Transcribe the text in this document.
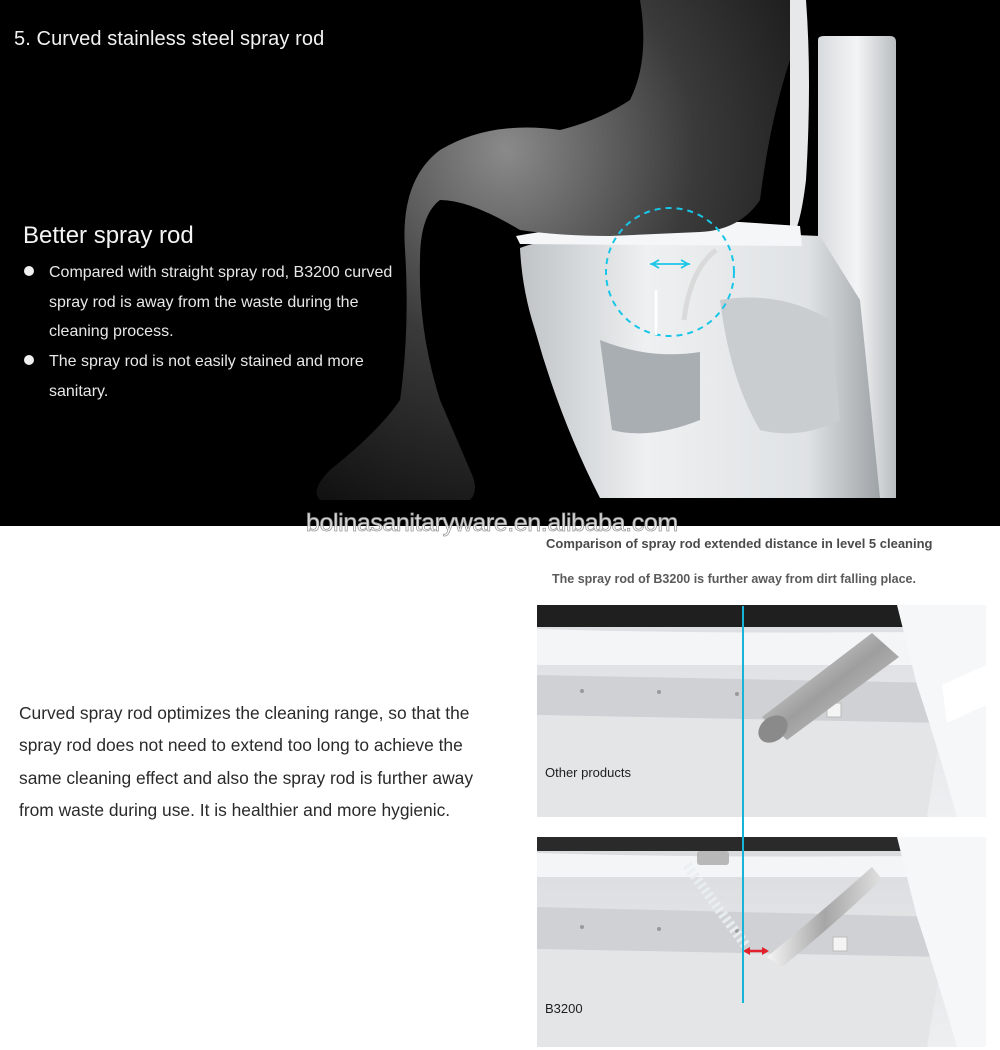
5. Curved stainless steel spray rod
Better spray rod
Compared with straight spray rod, B3200 curved spray rod is away from the waste during the cleaning process.
The spray rod is not easily stained and more sanitary.
bolinasanitaryware.en.alibaba.com

Curved spray rod optimizes the cleaning range, so that the spray rod does not need to extend too long to achieve the same cleaning effect and also the spray rod is further away from waste during use. It is healthier and more hygienic.

Comparison of spray rod extended distance in level 5 cleaning
The spray rod of B3200 is further away from dirt falling place.
Other products
B3200
